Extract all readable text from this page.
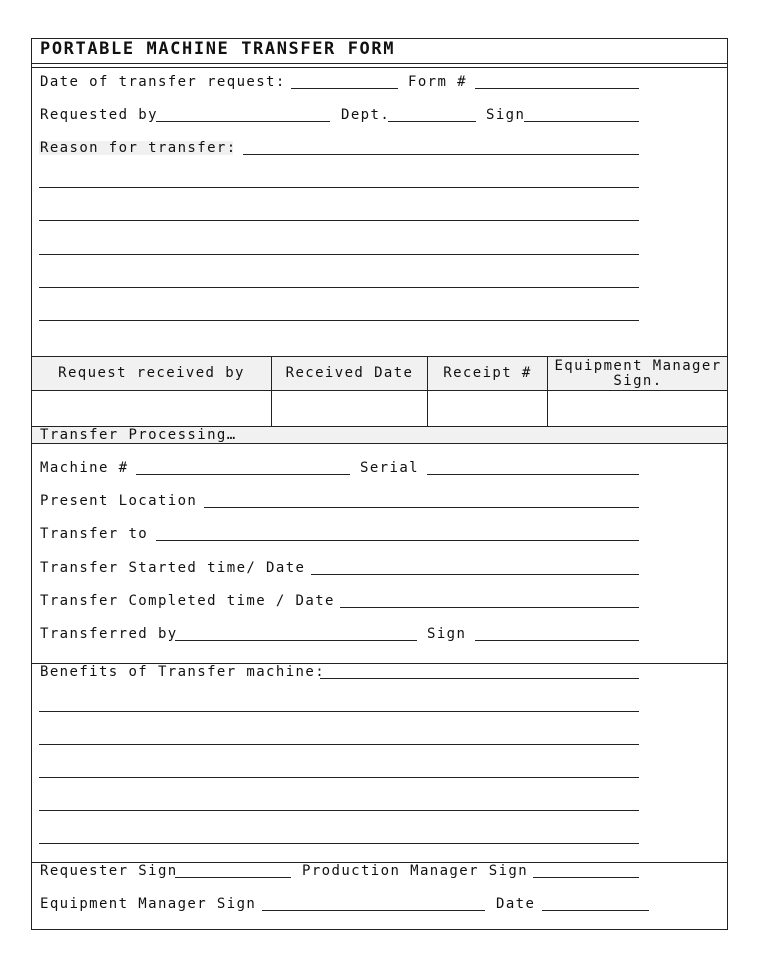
PORTABLE MACHINE TRANSFER FORM
Date of transfer request:	Form #
Requested by	Dept.	Sign
Reason for transfer:
Request received by	Received Date	Receipt #	Equipment Manager Sign.
Transfer Processing…
Machine #	Serial
Present Location
Transfer to
Transfer Started time/ Date
Transfer Completed time / Date
Transferred by	Sign
Benefits of Transfer machine:
Requester Sign	Production Manager Sign
Equipment Manager Sign	Date
